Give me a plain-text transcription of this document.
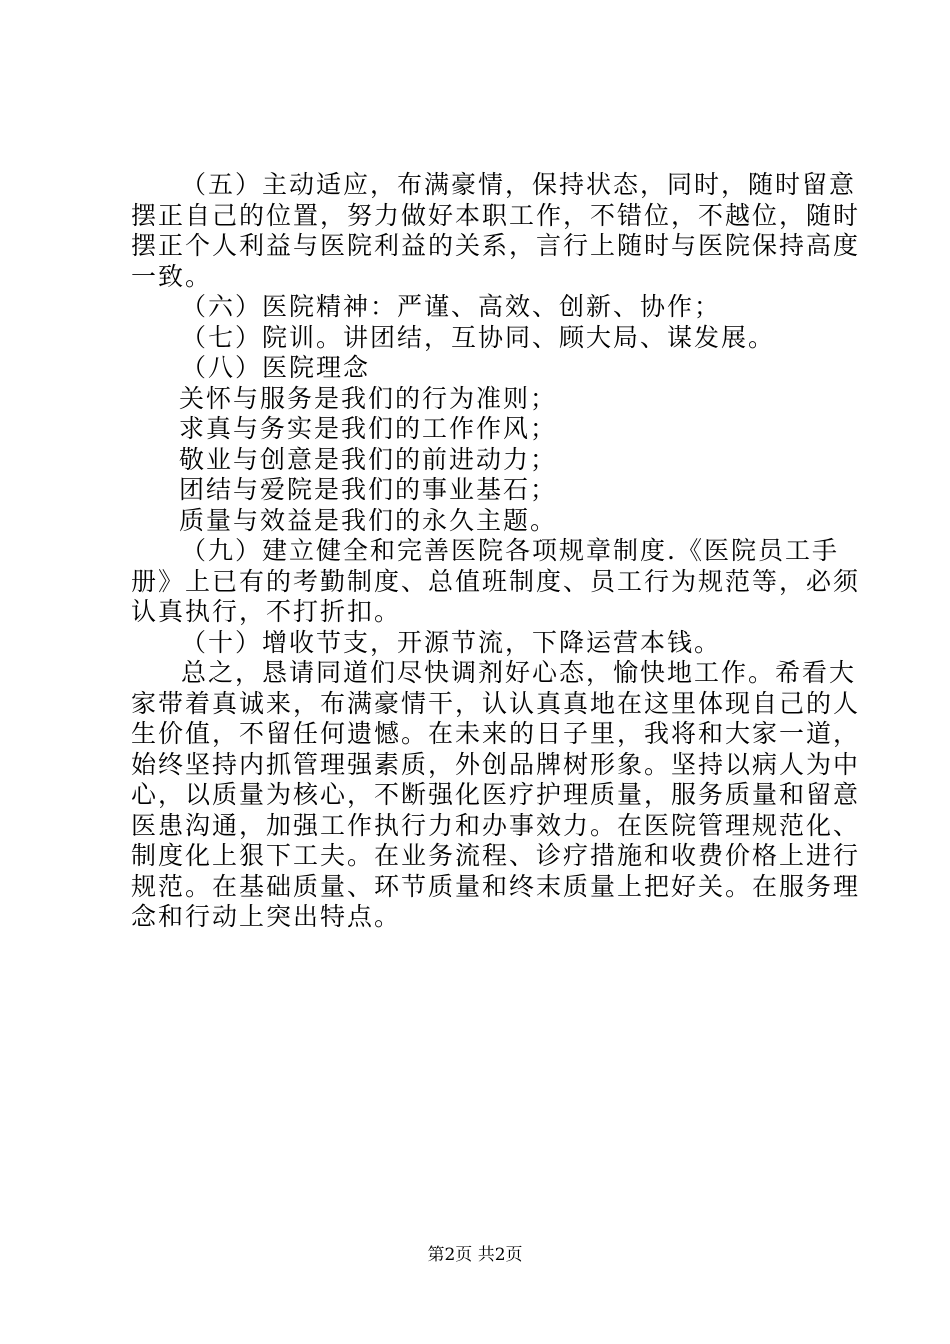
（五）主动适应，布满豪情，保持状态，同时，随时留意
摆正自己的位置，努力做好本职工作，不错位，不越位，随时
摆正个人利益与医院利益的关系，言行上随时与医院保持高度
一致。

（六）医院精神：严谨、高效、创新、协作；

（七）院训。讲团结，互协同、顾大局、谋发展。

（八）医院理念

关怀与服务是我们的行为准则；

求真与务实是我们的工作作风；

敬业与创意是我们的前进动力；

团结与爱院是我们的事业基石；

质量与效益是我们的永久主题。

（九）建立健全和完善医院各项规章制度.《医院员工手
册》上已有的考勤制度、总值班制度、员工行为规范等，必须
认真执行，不打折扣。

（十）增收节支，开源节流，下降运营本钱。

总之，恳请同道们尽快调剂好心态，愉快地工作。希看大
家带着真诚来，布满豪情干，认认真真地在这里体现自己的人
生价值，不留任何遗憾。在未来的日子里，我将和大家一道，
始终坚持内抓管理强素质，外创品牌树形象。坚持以病人为中
心，以质量为核心，不断强化医疗护理质量，服务质量和留意
医患沟通，加强工作执行力和办事效力。在医院管理规范化、
制度化上狠下工夫。在业务流程、诊疗措施和收费价格上进行
规范。在基础质量、环节质量和终末质量上把好关。在服务理
念和行动上突出特点。

第2页 共2页
